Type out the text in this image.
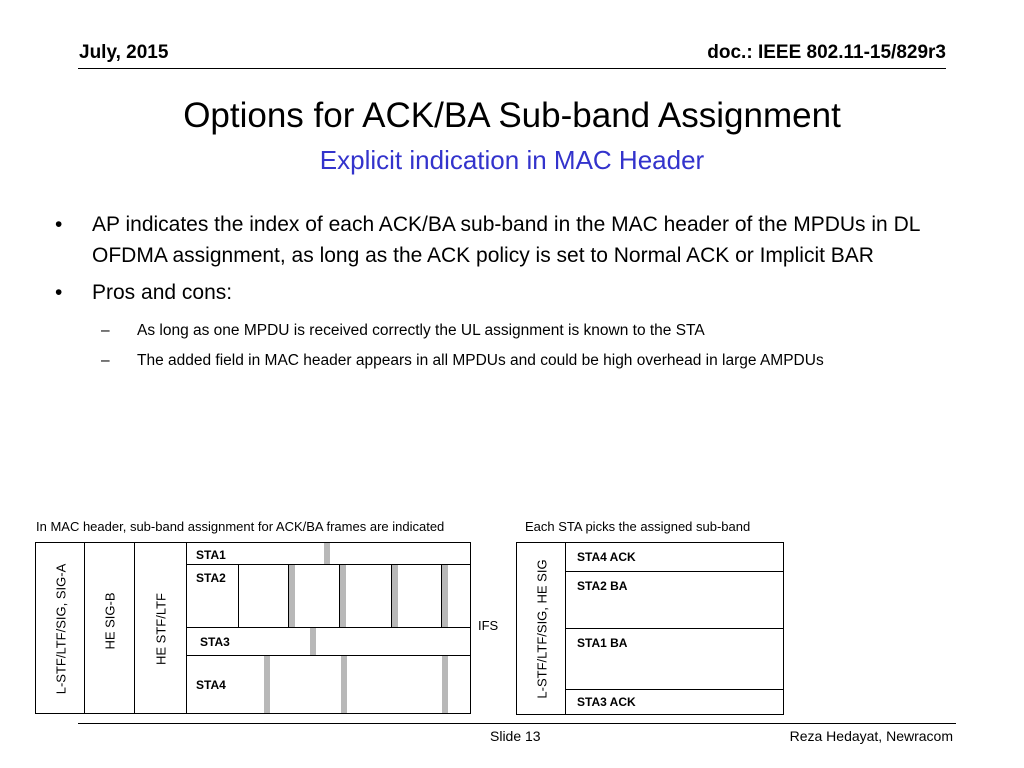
July, 2015	doc.: IEEE 802.11-15/829r3
Options for ACK/BA Sub-band Assignment
Explicit indication in MAC Header
• AP indicates the index of each ACK/BA sub-band in the MAC header of the MPDUs in DL OFDMA assignment, as long as the ACK policy is set to Normal ACK or Implicit BAR
• Pros and cons:
– As long as one MPDU is received correctly the UL assignment is known to the STA
– The added field in MAC header appears in all MPDUs and could be high overhead in large AMPDUs
In MAC header, sub-band assignment for ACK/BA frames are indicated	Each STA picks the assigned sub-band
L-STF/LTF/SIG, SIG-A	HE SIG-B	HE STF/LTF
STA1
STA2
STA3
STA4
IFS	L-STF/LTF/SIG, HE SIG
STA4 ACK
STA2 BA
STA1 BA
STA3 ACK
Slide 13	Reza Hedayat, Newracom
